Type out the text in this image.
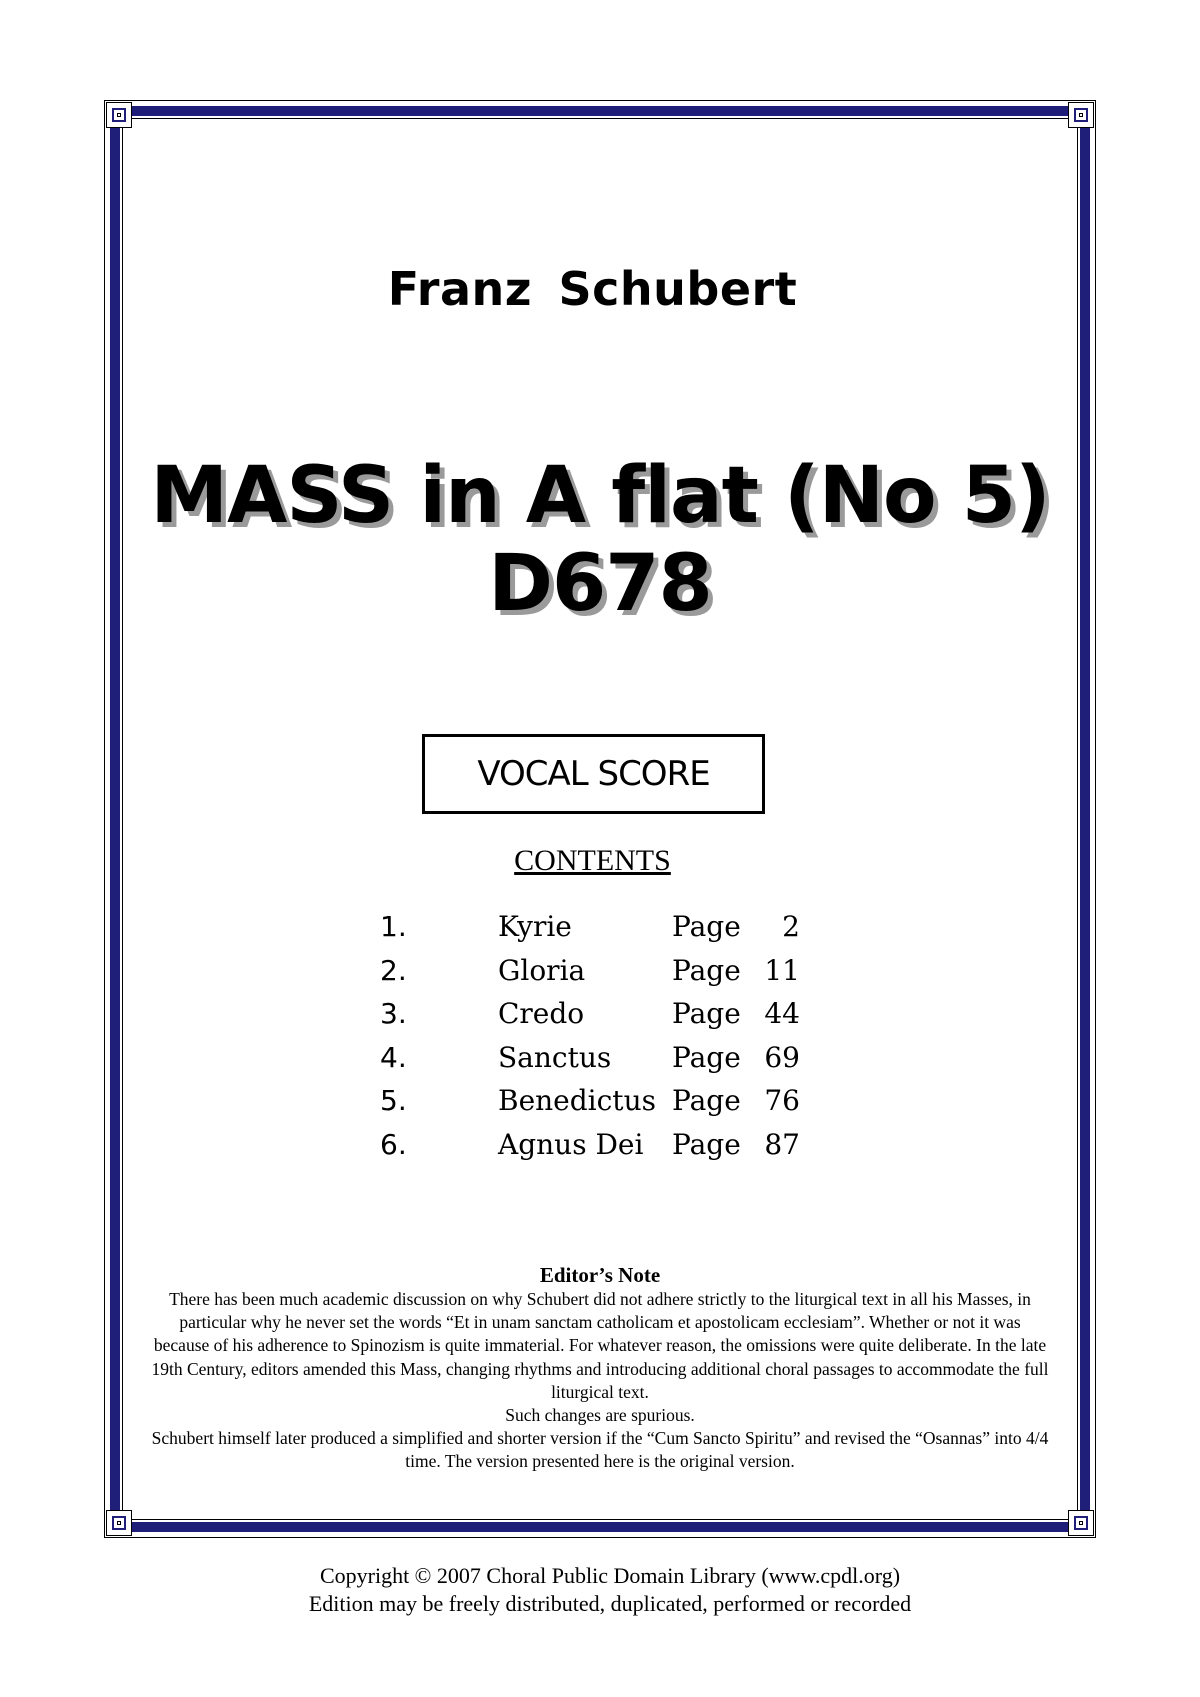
Franz Schubert
MASS in A flat (No 5)
D678
VOCAL SCORE
CONTENTS
1.	Kyrie	Page	2
2.	Gloria	Page 11
3.	Credo	Page 44
4.	Sanctus Page 69
5.	Benedictus Page 76
6.	Agnus Dei Page 87
Editor’s Note

There has been much academic discussion on why Schubert did not adhere strictly to the liturgical text in all his Masses, in particular why he never set the words “Et in unam sanctam catholicam et apostolicam ecclesiam”. Whether or not it was because of his adherence to Spinozism is quite immaterial. For whatever reason, the omissions were quite deliberate. In the late 19th Century, editors amended this Mass, changing rhythms and introducing additional choral passages to accommodate the full liturgical text.

Such changes are spurious.

Schubert himself later produced a simplified and shorter version if the “Cum Sancto Spiritu” and revised the “Osannas” into 4/4 time. The version presented here is the original version.

Copyright © 2007 Choral Public Domain Library (www.cpdl.org)

Edition may be freely distributed, duplicated, performed or recorded
